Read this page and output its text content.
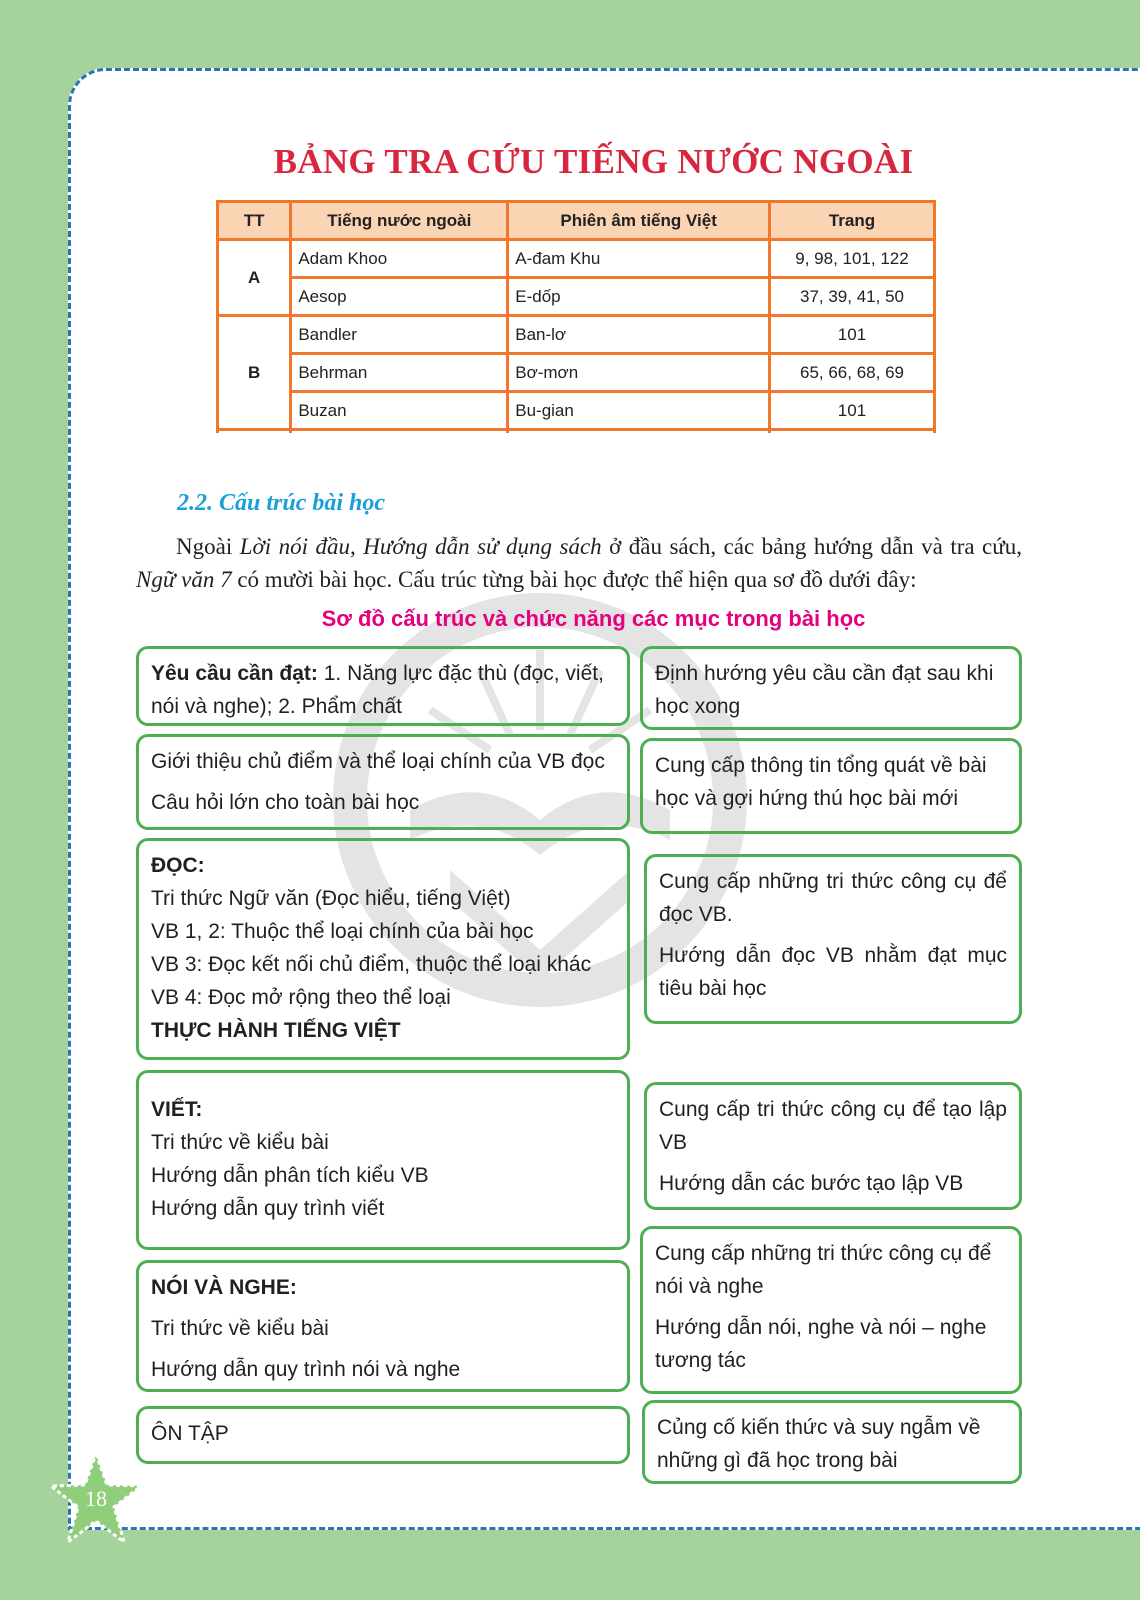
BẢNG TRA CỨU TIẾNG NƯỚC NGOÀI
TT	Tiếng nước ngoài	Phiên âm tiếng Việt	Trang
A	Adam Khoo	A-đam Khu	9, 98, 101, 122
	Aesop	E-dốp	37, 39, 41, 50
B	Bandler	Ban-lơ	101
	Behrman	Bơ-mơn	65, 66, 68, 69
	Buzan	Bu-gian	101

2.2. Cấu trúc bài học

Ngoài Lời nói đầu, Hướng dẫn sử dụng sách ở đầu sách, các bảng hướng dẫn và tra cứu, Ngữ văn 7 có mười bài học. Cấu trúc từng bài học được thể hiện qua sơ đồ dưới đây:

Sơ đồ cấu trúc và chức năng các mục trong bài học
Yêu cầu cần đạt: 1. Năng lực đặc thù (đọc, viết, nói và nghe); 2. Phẩm chất
Giới thiệu chủ điểm và thể loại chính của VB đọc
Câu hỏi lớn cho toàn bài học
ĐỌC:
Tri thức Ngữ văn (Đọc hiểu, tiếng Việt)
VB 1, 2: Thuộc thể loại chính của bài học
VB 3: Đọc kết nối chủ điểm, thuộc thể loại khác
VB 4: Đọc mở rộng theo thể loại
THỰC HÀNH TIẾNG VIỆT
VIẾT:
Tri thức về kiểu bài
Hướng dẫn phân tích kiểu VB
Hướng dẫn quy trình viết
NÓI VÀ NGHE:
Tri thức về kiểu bài
Hướng dẫn quy trình nói và nghe
ÔN TẬP
Định hướng yêu cầu cần đạt sau khi học xong
Cung cấp thông tin tổng quát về bài học và gợi hứng thú học bài mới
Cung cấp những tri thức công cụ để đọc VB.
Hướng dẫn đọc VB nhằm đạt mục tiêu bài học
Cung cấp tri thức công cụ để tạo lập VB
Hướng dẫn các bước tạo lập VB
Cung cấp những tri thức công cụ để nói và nghe
Hướng dẫn nói, nghe và nói – nghe tương tác
Củng cố kiến thức và suy ngẫm về những gì đã học trong bài
18
